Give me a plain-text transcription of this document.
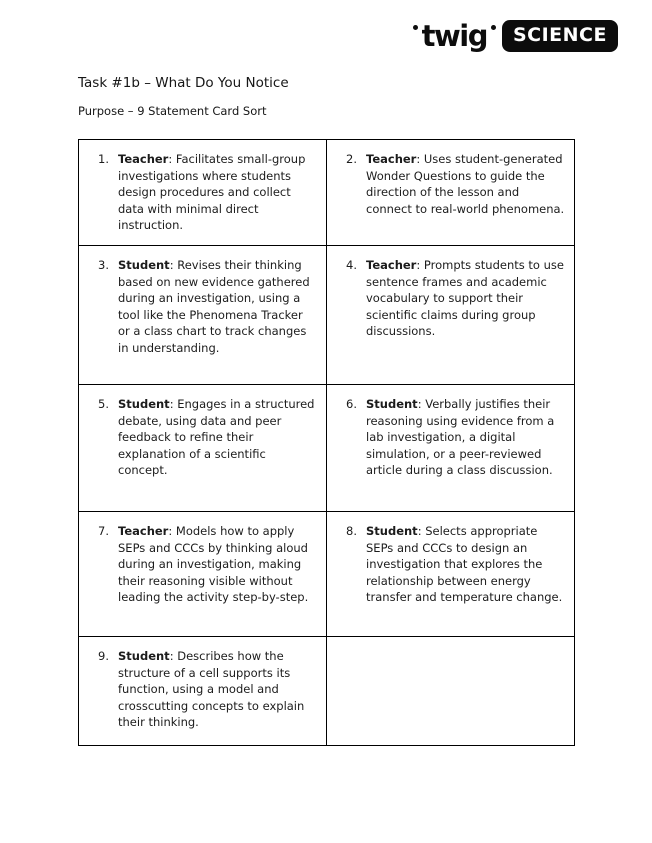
twig	SCIENCE
Task #1b – What Do You Notice
Purpose – 9 Statement Card Sort
1. Teacher: Facilitates small-group investigations where students design procedures and collect data with minimal direct instruction.	2. Teacher: Uses student-generated Wonder Questions to guide the direction of the lesson and connect to real-world phenomena.

3. Student: Revises their thinking based on new evidence gathered during an investigation, using a tool like the Phenomena Tracker or a class chart to track changes in understanding.	4. Teacher: Prompts students to use sentence frames and academic vocabulary to support their scientific claims during group discussions.

5. Student: Engages in a structured debate, using data and peer feedback to refine their explanation of a scientific concept.	6. Student: Verbally justifies their reasoning using evidence from a lab investigation, a digital simulation, or a peer-reviewed article during a class discussion.

7. Teacher: Models how to apply SEPs and CCCs by thinking aloud during an investigation, making their reasoning visible without leading the activity step-by-step.	8. Student: Selects appropriate SEPs and CCCs to design an investigation that explores the relationship between energy transfer and temperature change.

9. Student: Describes how the structure of a cell supports its function, using a model and crosscutting concepts to explain their thinking.	
